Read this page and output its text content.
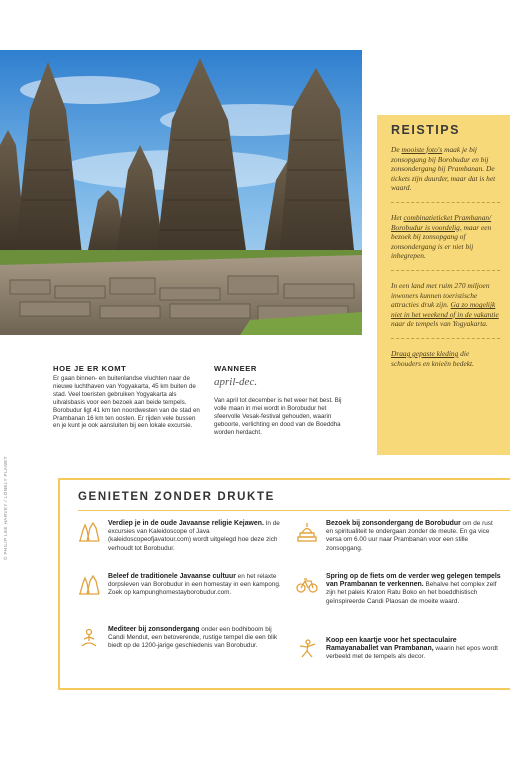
REISTIPS

De mooiste foto's maak je bij zonsopgang bij Borobudur en bij zonsondergang bij Prambanan. De tickets zijn duurder, maar dat is het waard.

Het combinatieticket Prambanan/ Borobudur is voordelig, maar een bezoek bij zonsopgang of zonsondergang is er niet bij inbegrepen.

In een land met ruim 270 miljoen inwoners kunnen toeristische attracties druk zijn. Ga zo mogelijk niet in het weekend of in de vakantie naar de tempels van Yogyakarta.

Draag gepaste kleding die schouders en knieën bedekt.

HOE JE ER KOMT

Er gaan binnen- en buitenlandse vluchten naar de nieuwe luchthaven van Yogyakarta, 45 km buiten de stad. Veel toeristen gebruiken Yogyakarta als uitvalsbasis voor een bezoek aan beide tempels. Borobudur ligt 41 km ten noordwesten van de stad en Prambanan 16 km ten oosten. Er rijden vele bussen en je kunt je ook aansluiten bij een lokale excursie.

WANNEER
april-dec.

Van april tot december is het weer het best. Bij volle maan in mei wordt in Borobudur het sfeervolle Vesak-festival gehouden, waarin geboorte, verlichting en dood van de Boeddha worden herdacht.

GENIETEN ZONDER DRUKTE

Verdiep je in de oude Javaanse religie Kejawen. In de excursies van Kaleidoscope of Java (kaleidoscopeofjavatour.com) wordt uitgelegd hoe deze zich verhoudt tot Borobudur.

Beleef de traditionele Javaanse cultuur en het relaxte dorpsleven van Borobudur in een homestay in een kampong. Zoek op kampunghomestayborobudur.com.

Mediteer bij zonsondergang onder een bodhiboom bij Candi Mendut, een betoverende, rustige tempel die een blik biedt op de 1200-jarige geschiedenis van Borobudur.

Bezoek bij zonsondergang de Borobudur om de rust en spiritualiteit te ondergaan zonder de meute. En ga vice versa om 6.00 uur naar Prambanan voor een stille zonsopgang.

Spring op de fiets om de verder weg gelegen tempels van Prambanan te verkennen. Behalve het complex zelf zijn het paleis Kraton Ratu Boko en het boeddhistisch geïnspireerde Candi Plaosan de moeite waard.

Koop een kaartje voor het spectaculaire Ramayanaballet van Prambanan, waarin het epos wordt verbeeld met de tempels als decor.

© PHILIP LEE HARVEY / LONELY PLANET
